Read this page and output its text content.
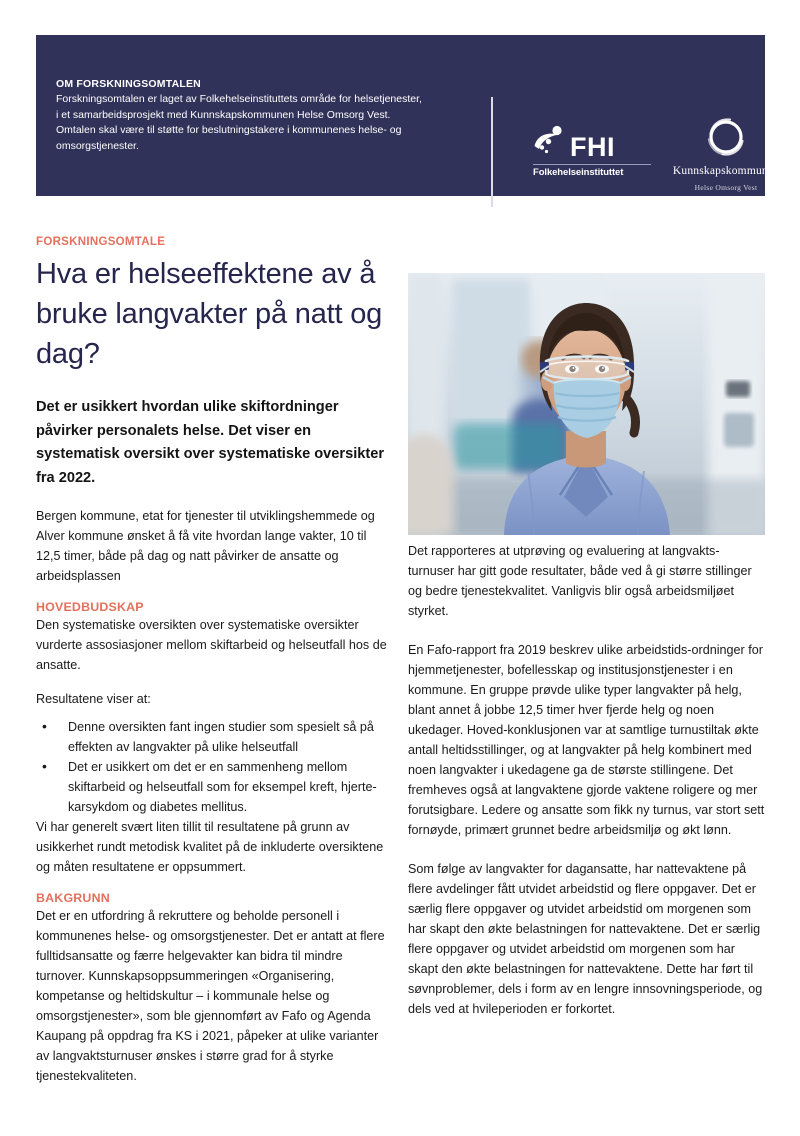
OM FORSKNINGSOMTALEN

Forskningsomtalen er laget av Folkehelseinstituttets område for helsetjenester, i et samarbeidsprosjekt med Kunnskapskommunen Helse Omsorg Vest. Omtalen skal være til støtte for beslutningstakere i kommunenes helse- og omsorgstjenester.	FHI
Folkehelseinstituttet	Kunnskapskommunen
Helse Omsorg Vest
FORSKNINGSOMTALE
Hva er helseeffektene av å bruke langvakter på natt og dag?

Det er usikkert hvordan ulike skiftordninger påvirker personalets helse. Det viser en systematisk oversikt over systematiske oversikter fra 2022.

Bergen kommune, etat for tjenester til utviklingshemmede og Alver kommune ønsket å få vite hvordan lange vakter, 10 til 12,5 timer, både på dag og natt påvirker de ansatte og arbeidsplassen

HOVEDBUDSKAP

Den systematiske oversikten over systematiske oversikter vurderte assosiasjoner mellom skiftarbeid og helseutfall hos de ansatte.

Resultatene viser at:

• Denne oversikten fant ingen studier som spesielt så på effekten av langvakter på ulike helseutfall
• Det er usikkert om det er en sammenheng mellom skiftarbeid og helseutfall som for eksempel kreft, hjerte-karsykdom og diabetes mellitus.

Vi har generelt svært liten tillit til resultatene på grunn av usikkerhet rundt metodisk kvalitet på de inkluderte oversiktene og måten resultatene er oppsummert.

BAKGRUNN

Det er en utfordring å rekruttere og beholde personell i kommunenes helse- og omsorgstjenester. Det er antatt at flere fulltidsansatte og færre helgevakter kan bidra til mindre turnover. Kunnskapsoppsummeringen «Organisering, kompetanse og heltidskultur – i kommunale helse og omsorgstjenester», som ble gjennomført av Fafo og Agenda Kaupang på oppdrag fra KS i 2021, påpeker at ulike varianter av langvaktsturnuser ønskes i større grad for å styrke tjenestekvaliteten.

Det rapporteres at utprøving og evaluering at langvakts-turnuser har gitt gode resultater, både ved å gi større stillinger og bedre tjenestekvalitet. Vanligvis blir også arbeidsmiljøet styrket.

En Fafo-rapport fra 2019 beskrev ulike arbeidstids-ordninger for hjemmetjenester, bofellesskap og institusjonstjenester i en kommune. En gruppe prøvde ulike typer langvakter på helg, blant annet å jobbe 12,5 timer hver fjerde helg og noen ukedager. Hoved-konklusjonen var at samtlige turnustiltak økte antall heltidsstillinger, og at langvakter på helg kombinert med noen langvakter i ukedagene ga de største stillingene. Det fremheves også at langvaktene gjorde vaktene roligere og mer forutsigbare. Ledere og ansatte som fikk ny turnus, var stort sett fornøyde, primært grunnet bedre arbeidsmiljø og økt lønn.

Som følge av langvakter for dagansatte, har nattevaktene på flere avdelinger fått utvidet arbeidstid og flere oppgaver. Det er særlig flere oppgaver og utvidet arbeidstid om morgenen som har skapt den økte belastningen for nattevaktene. Det er særlig flere oppgaver og utvidet arbeidstid om morgenen som har skapt den økte belastningen for nattevaktene. Dette har ført til søvnproblemer, dels i form av en lengre innsovningsperiode, og dels ved at hvileperioden er forkortet.
